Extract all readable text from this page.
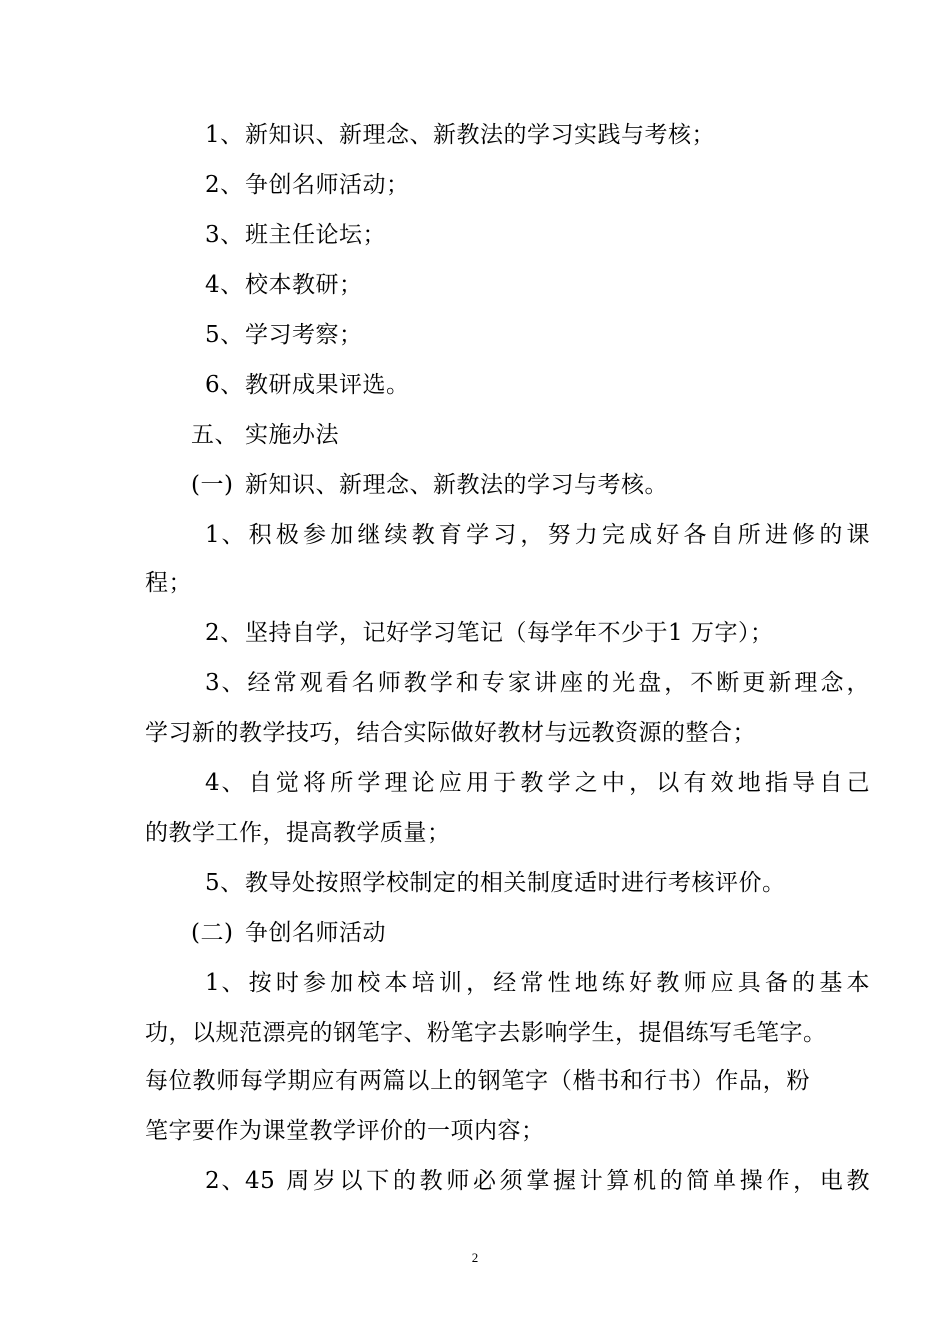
1、新知识、新理念、新教法的学习实践与考核；
2、争创名师活动；
3、班主任论坛；
4、校本教研；
5、学习考察；
6、教研成果评选。
五、 实施办法
(一) 新知识、新理念、新教法的学习与考核。
1、积极参加继续教育学习，努力完成好各自所进修的课
程；
2、坚持自学，记好学习笔记（每学年不少于1 万字）；
3、经常观看名师教学和专家讲座的光盘，不断更新理念，
学习新的教学技巧，结合实际做好教材与远教资源的整合；
4、自觉将所学理论应用于教学之中，以有效地指导自己
的教学工作，提高教学质量；
5、教导处按照学校制定的相关制度适时进行考核评价。
(二) 争创名师活动
1、按时参加校本培训，经常性地练好教师应具备的基本
功，以规范漂亮的钢笔字、粉笔字去影响学生，提倡练写毛笔字。
每位教师每学期应有两篇以上的钢笔字（楷书和行书）作品，粉
笔字要作为课堂教学评价的一项内容；
2、45 周岁以下的教师必须掌握计算机的简单操作，电教
2
